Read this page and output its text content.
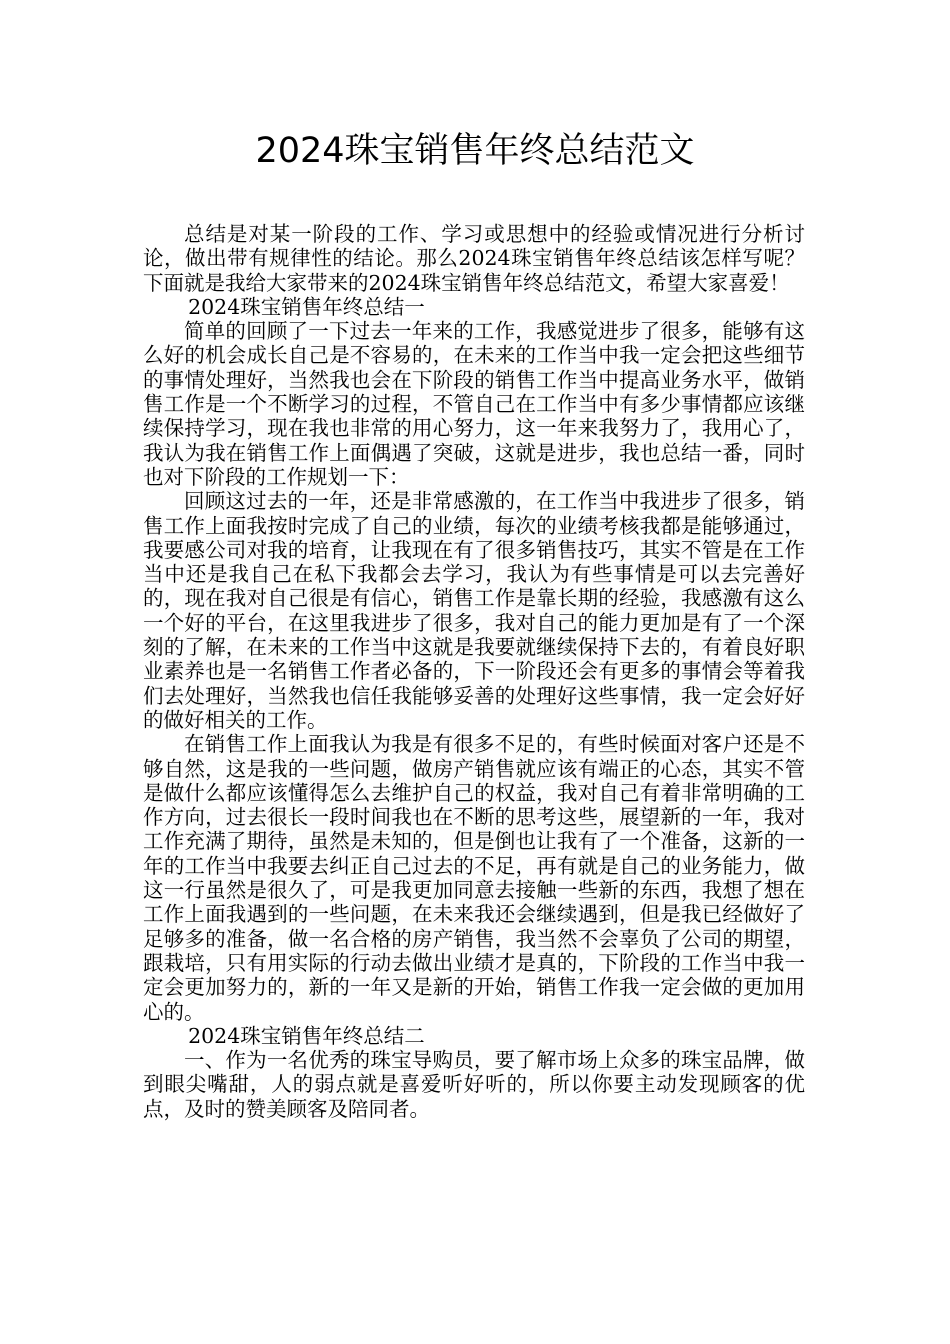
2024珠宝销售年终总结范文

总结是对某一阶段的工作、学习或思想中的经验或情况进行分析讨论，做出带有规律性的结论。那么2024珠宝销售年终总结该怎样写呢？下面就是我给大家带来的2024珠宝销售年终总结范文，希望大家喜爱！

2024珠宝销售年终总结一

简单的回顾了一下过去一年来的工作，我感觉进步了很多，能够有这么好的机会成长自己是不容易的，在未来的工作当中我一定会把这些细节的事情处理好，当然我也会在下阶段的销售工作当中提高业务水平，做销售工作是一个不断学习的过程，不管自己在工作当中有多少事情都应该继续保持学习，现在我也非常的用心努力，这一年来我努力了，我用心了，我认为我在销售工作上面偶遇了突破，这就是进步，我也总结一番，同时也对下阶段的工作规划一下：

回顾这过去的一年，还是非常感激的，在工作当中我进步了很多，销售工作上面我按时完成了自己的业绩，每次的业绩考核我都是能够通过，我要感公司对我的培育，让我现在有了很多销售技巧，其实不管是在工作当中还是我自己在私下我都会去学习，我认为有些事情是可以去完善好的，现在我对自己很是有信心，销售工作是靠长期的经验，我感激有这么一个好的平台，在这里我进步了很多，我对自己的能力更加是有了一个深刻的了解，在未来的工作当中这就是我要就继续保持下去的，有着良好职业素养也是一名销售工作者必备的，下一阶段还会有更多的事情会等着我们去处理好，当然我也信任我能够妥善的处理好这些事情，我一定会好好的做好相关的工作。

在销售工作上面我认为我是有很多不足的，有些时候面对客户还是不够自然，这是我的一些问题，做房产销售就应该有端正的心态，其实不管是做什么都应该懂得怎么去维护自己的权益，我对自己有着非常明确的工作方向，过去很长一段时间我也在不断的思考这些，展望新的一年，我对工作充满了期待，虽然是未知的，但是倒也让我有了一个准备，这新的一年的工作当中我要去纠正自己过去的不足，再有就是自己的业务能力，做这一行虽然是很久了，可是我更加同意去接触一些新的东西，我想了想在工作上面我遇到的一些问题，在未来我还会继续遇到，但是我已经做好了足够多的准备，做一名合格的房产销售，我当然不会辜负了公司的期望，跟栽培，只有用实际的行动去做出业绩才是真的，下阶段的工作当中我一定会更加努力的，新的一年又是新的开始，销售工作我一定会做的更加用心的。

2024珠宝销售年终总结二

一、作为一名优秀的珠宝导购员，要了解市场上众多的珠宝品牌，做到眼尖嘴甜，人的弱点就是喜爱听好听的，所以你要主动发现顾客的优点，及时的赞美顾客及陪同者。
